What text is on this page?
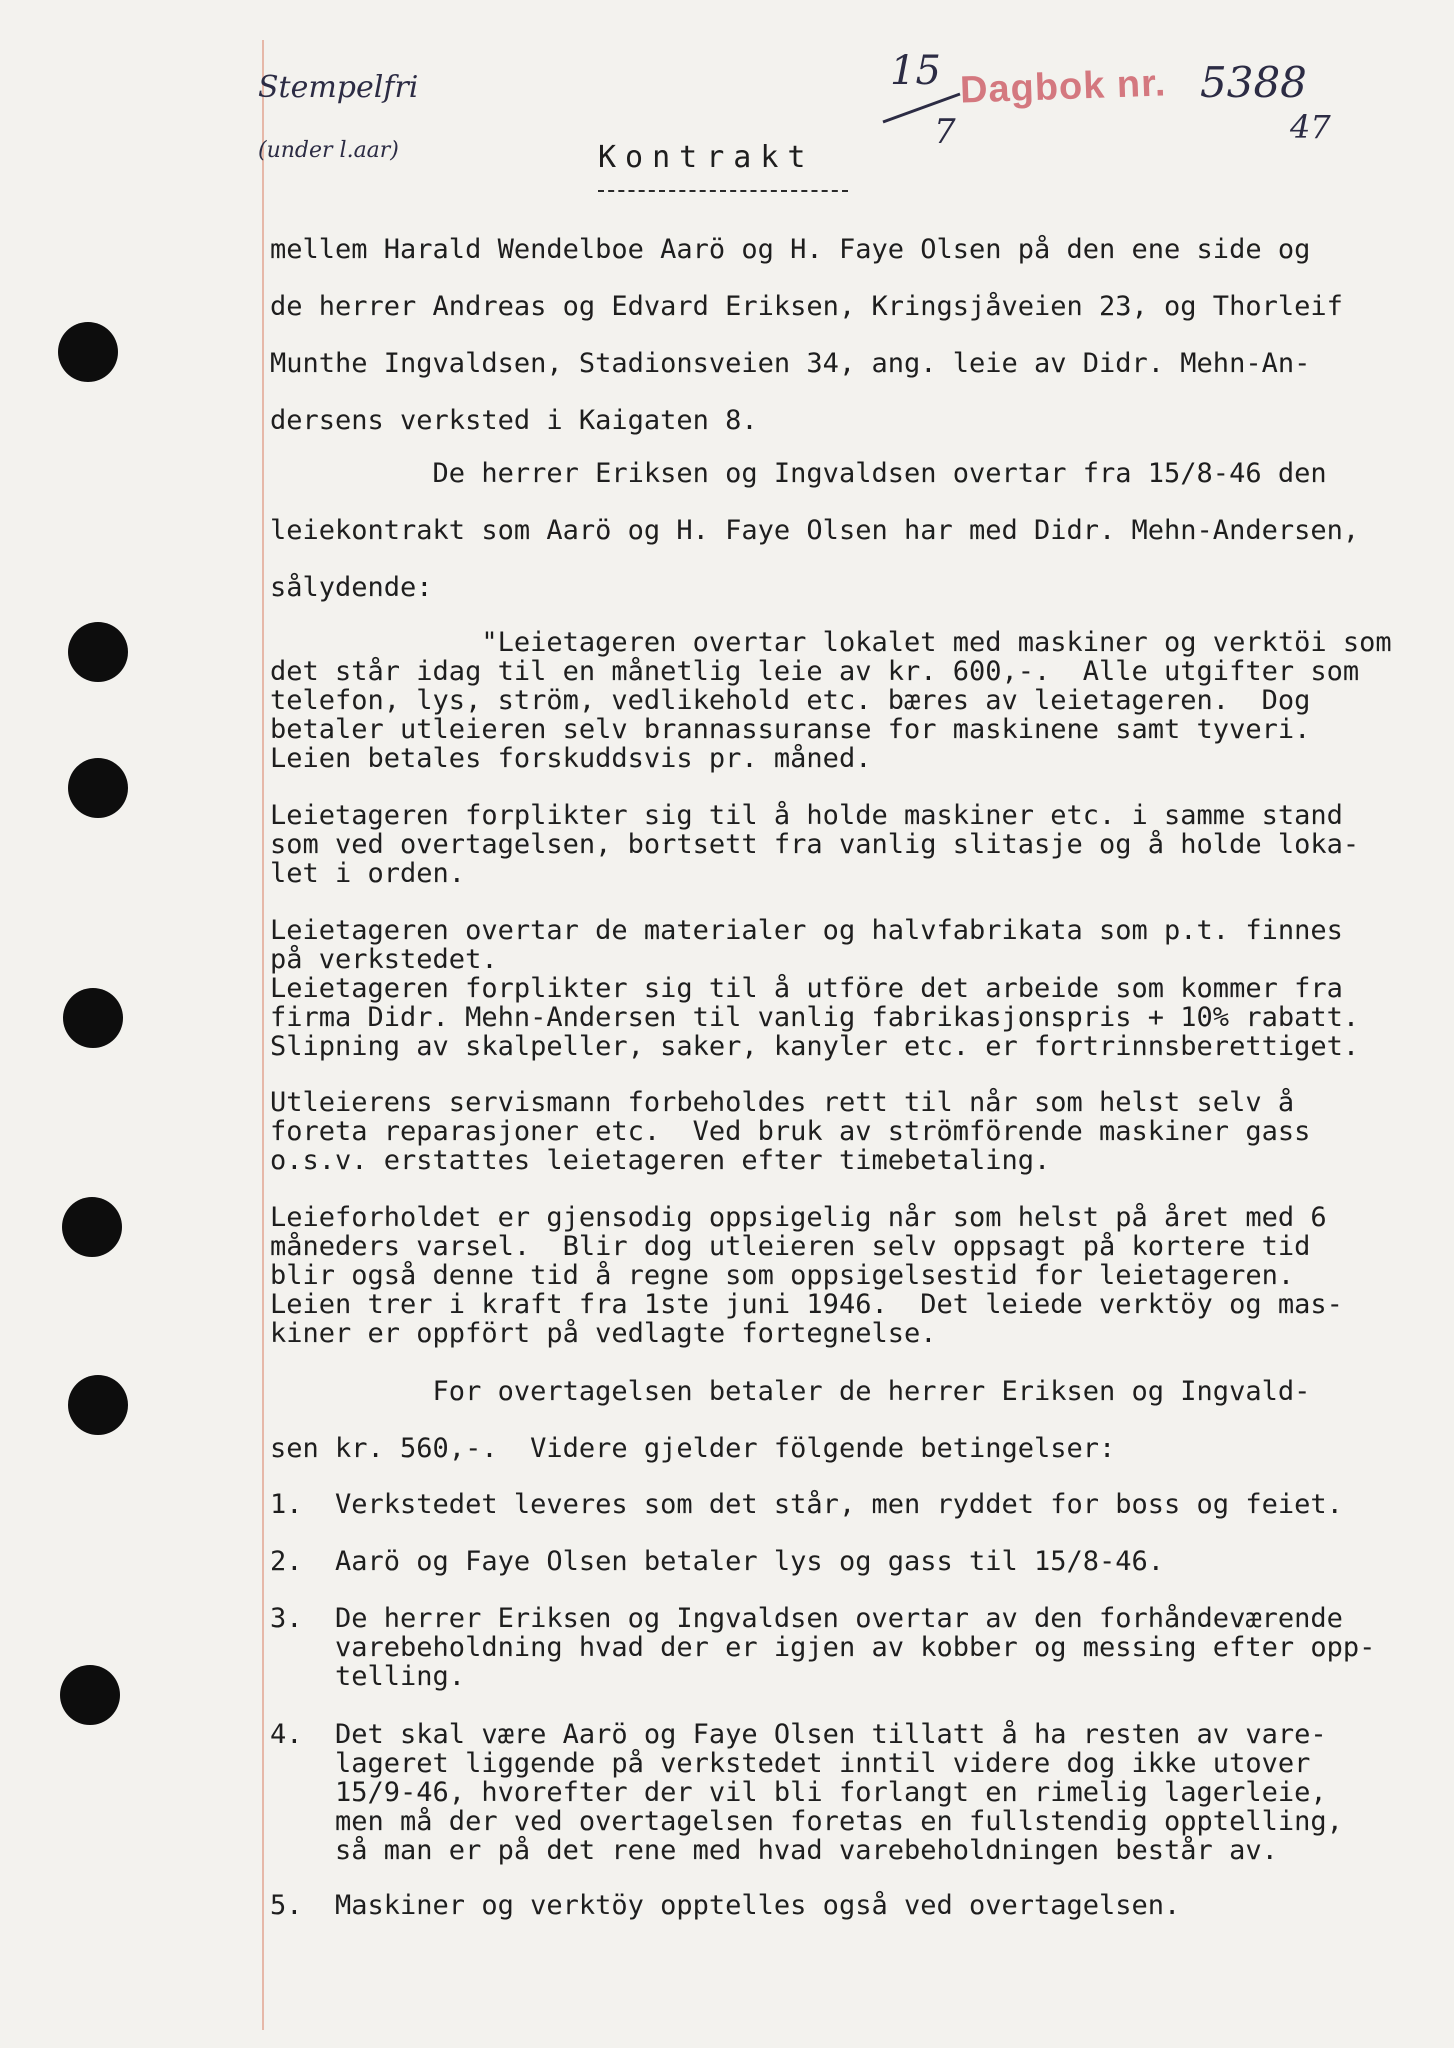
Stempelfri
(under l.aar)
15
7
Dagbok nr. 5388
47
Kontrakt
mellem Harald Wendelboe Aarö og H. Faye Olsen på den ene side og
de herrer Andreas og Edvard Eriksen, Kringsjåveien 23, og Thorleif
Munthe Ingvaldsen, Stadionsveien 34, ang. leie av Didr. Mehn-An-
dersens verksted i Kaigaten 8.
De herrer Eriksen og Ingvaldsen overtar fra 15/8-46 den
leiekontrakt som Aarö og H. Faye Olsen har med Didr. Mehn-Andersen,
sålydende:
"Leietageren overtar lokalet med maskiner og verktöi som
det står idag til en månetlig leie av kr. 600,-.  Alle utgifter som
telefon, lys, ström, vedlikehold etc. bæres av leietageren.  Dog
betaler utleieren selv brannassuranse for maskinene samt tyveri.
Leien betales forskuddsvis pr. måned.
Leietageren forplikter sig til å holde maskiner etc. i samme stand
som ved overtagelsen, bortsett fra vanlig slitasje og å holde loka-
let i orden.
Leietageren overtar de materialer og halvfabrikata som p.t. finnes
på verkstedet.
Leietageren forplikter sig til å utföre det arbeide som kommer fra
firma Didr. Mehn-Andersen til vanlig fabrikasjonspris + 10% rabatt.
Slipning av skalpeller, saker, kanyler etc. er fortrinnsberettiget.
Utleierens servismann forbeholdes rett til når som helst selv å
foreta reparasjoner etc.  Ved bruk av strömförende maskiner gass
o.s.v. erstattes leietageren efter timebetaling.
Leieforholdet er gjensodig oppsigelig når som helst på året med 6
måneders varsel.  Blir dog utleieren selv oppsagt på kortere tid
blir også denne tid å regne som oppsigelsestid for leietageren.
Leien trer i kraft fra 1ste juni 1946.  Det leiede verktöy og mas-
kiner er oppfört på vedlagte fortegnelse.
For overtagelsen betaler de herrer Eriksen og Ingvald-
sen kr. 560,-.  Videre gjelder fölgende betingelser:
1.  Verkstedet leveres som det står, men ryddet for boss og feiet.
2.  Aarö og Faye Olsen betaler lys og gass til 15/8-46.
3.  De herrer Eriksen og Ingvaldsen overtar av den forhåndeværende
varebeholdning hvad der er igjen av kobber og messing efter opp-
telling.
4.  Det skal være Aarö og Faye Olsen tillatt å ha resten av vare-
lageret liggende på verkstedet inntil videre dog ikke utover
15/9-46, hvorefter der vil bli forlangt en rimelig lagerleie,
men må der ved overtagelsen foretas en fullstendig opptelling,
så man er på det rene med hvad varebeholdningen består av.
5.  Maskiner og verktöy opptelles også ved overtagelsen.
